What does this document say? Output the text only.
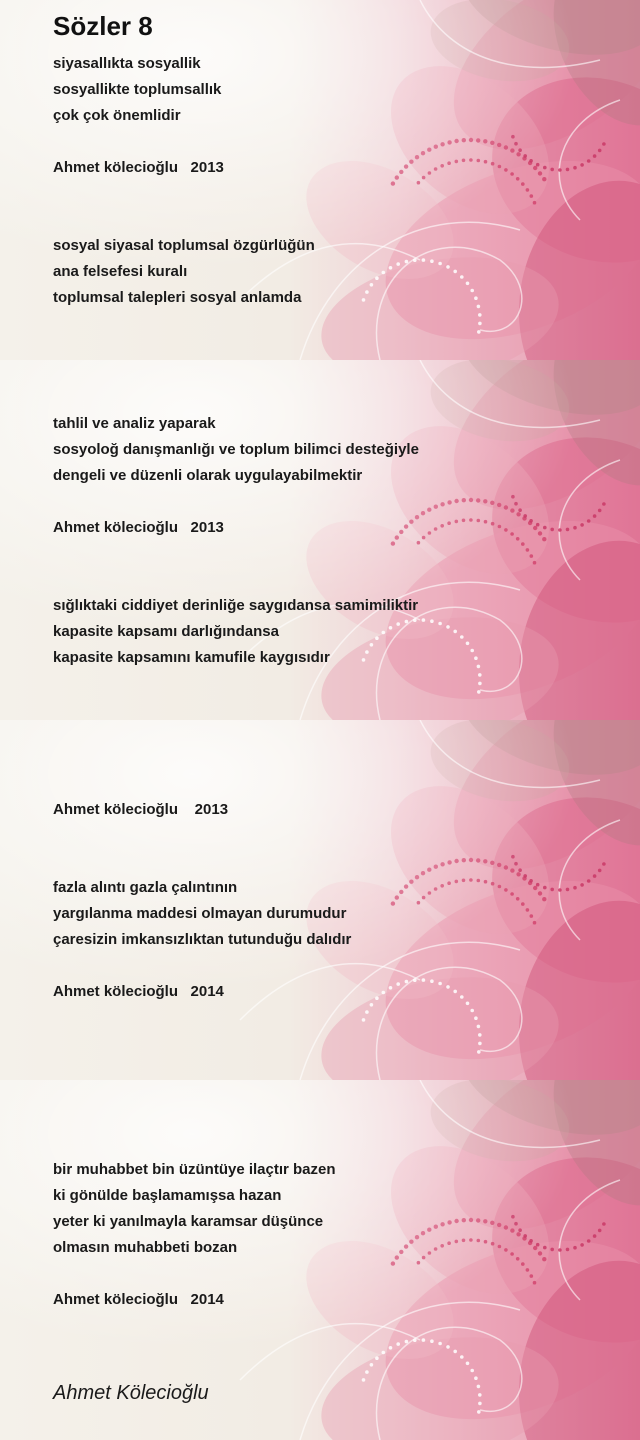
Sözler 8
siyasallıkta sosyallik
sosyallikte toplumsallık
çok çok önemlidir
Ahmet kölecioğlu   2013
sosyal siyasal toplumsal özgürlüğün
ana felsefesi kuralı
toplumsal talepleri sosyal anlamda
tahlil ve analiz yaparak
sosyoloğ danışmanlığı ve toplum bilimci desteğiyle
dengeli ve düzenli olarak uygulayabilmektir
Ahmet kölecioğlu   2013
sığlıktaki ciddiyet derinliğe saygıdansa samimiliktir
kapasite kapsamı darlığındansa
kapasite kapsamını kamufile kaygısıdır
Ahmet kölecioğlu    2013
fazla alıntı gazla çalıntının
yargılanma maddesi olmayan durumudur
çaresizin imkansızlıktan tutunduğu dalıdır
Ahmet kölecioğlu   2014
bir muhabbet bin üzüntüye ilaçtır bazen
ki gönülde başlamamışsa hazan
yeter ki yanılmayla karamsar düşünce
olmasın muhabbeti bozan
Ahmet kölecioğlu   2014
Ahmet Kölecioğlu
